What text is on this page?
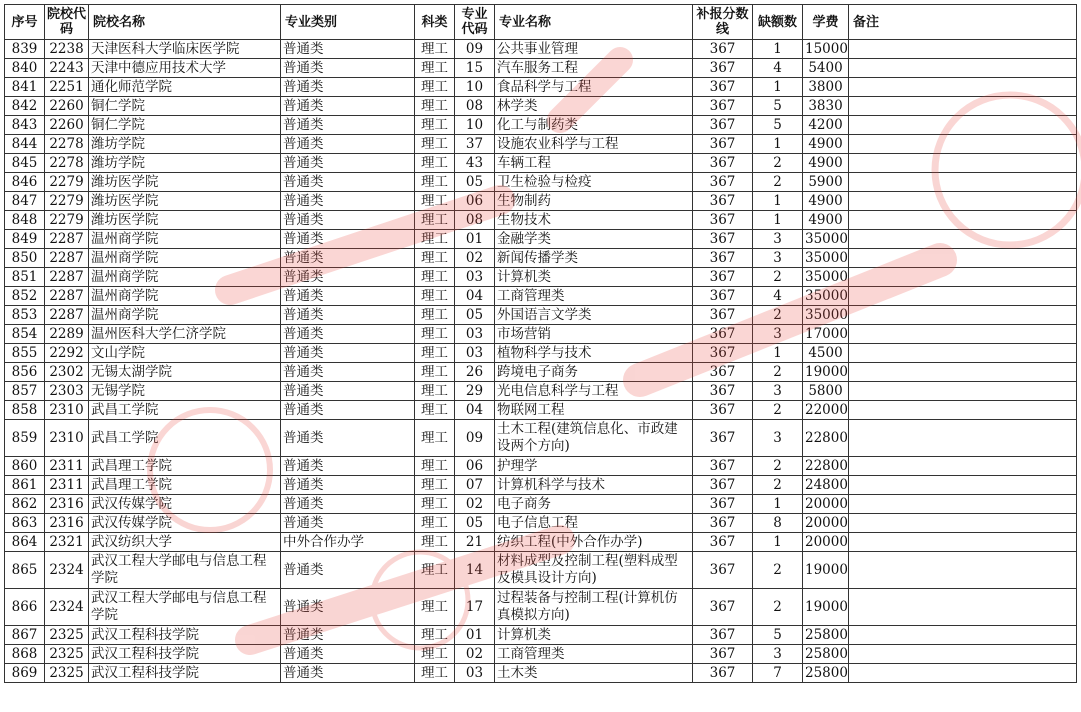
序号	院校代码	院校名称	专业类别	科类	专业代码	专业名称	补报分数线	缺额数	学费	备注
839	2238	天津医科大学临床医学院	普通类	理工	09	公共事业管理	367	1	15000	
840	2243	天津中德应用技术大学	普通类	理工	15	汽车服务工程	367	4	5400	
841	2251	通化师范学院	普通类	理工	10	食品科学与工程	367	1	3800	
842	2260	铜仁学院	普通类	理工	08	林学类	367	5	3830	
843	2260	铜仁学院	普通类	理工	10	化工与制药类	367	5	4200	
844	2278	潍坊学院	普通类	理工	37	设施农业科学与工程	367	1	4900	
845	2278	潍坊学院	普通类	理工	43	车辆工程	367	2	4900	
846	2279	潍坊医学院	普通类	理工	05	卫生检验与检疫	367	2	5900	
847	2279	潍坊医学院	普通类	理工	06	生物制药	367	1	4900	
848	2279	潍坊医学院	普通类	理工	08	生物技术	367	1	4900	
849	2287	温州商学院	普通类	理工	01	金融学类	367	3	35000	
850	2287	温州商学院	普通类	理工	02	新闻传播学类	367	3	35000	
851	2287	温州商学院	普通类	理工	03	计算机类	367	2	35000	
852	2287	温州商学院	普通类	理工	04	工商管理类	367	4	35000	
853	2287	温州商学院	普通类	理工	05	外国语言文学类	367	2	35000	
854	2289	温州医科大学仁济学院	普通类	理工	03	市场营销	367	3	17000	
855	2292	文山学院	普通类	理工	03	植物科学与技术	367	1	4500	
856	2302	无锡太湖学院	普通类	理工	26	跨境电子商务	367	2	19000	
857	2303	无锡学院	普通类	理工	29	光电信息科学与工程	367	3	5800	
858	2310	武昌工学院	普通类	理工	04	物联网工程	367	2	22000	
859	2310	武昌工学院	普通类	理工	09	土木工程(建筑信息化、市政建设两个方向)	367	3	22800	
860	2311	武昌理工学院	普通类	理工	06	护理学	367	2	22800	
861	2311	武昌理工学院	普通类	理工	07	计算机科学与技术	367	2	24800	
862	2316	武汉传媒学院	普通类	理工	02	电子商务	367	1	20000	
863	2316	武汉传媒学院	普通类	理工	05	电子信息工程	367	8	20000	
864	2321	武汉纺织大学	中外合作办学	理工	21	纺织工程(中外合作办学)	367	1	20000	
865	2324	武汉工程大学邮电与信息工程学院	普通类	理工	14	材料成型及控制工程(塑料成型及模具设计方向)	367	2	19000	
866	2324	武汉工程大学邮电与信息工程学院	普通类	理工	17	过程装备与控制工程(计算机仿真模拟方向)	367	2	19000	
867	2325	武汉工程科技学院	普通类	理工	01	计算机类	367	5	25800	
868	2325	武汉工程科技学院	普通类	理工	02	工商管理类	367	3	25800	
869	2325	武汉工程科技学院	普通类	理工	03	土木类	367	7	25800	
